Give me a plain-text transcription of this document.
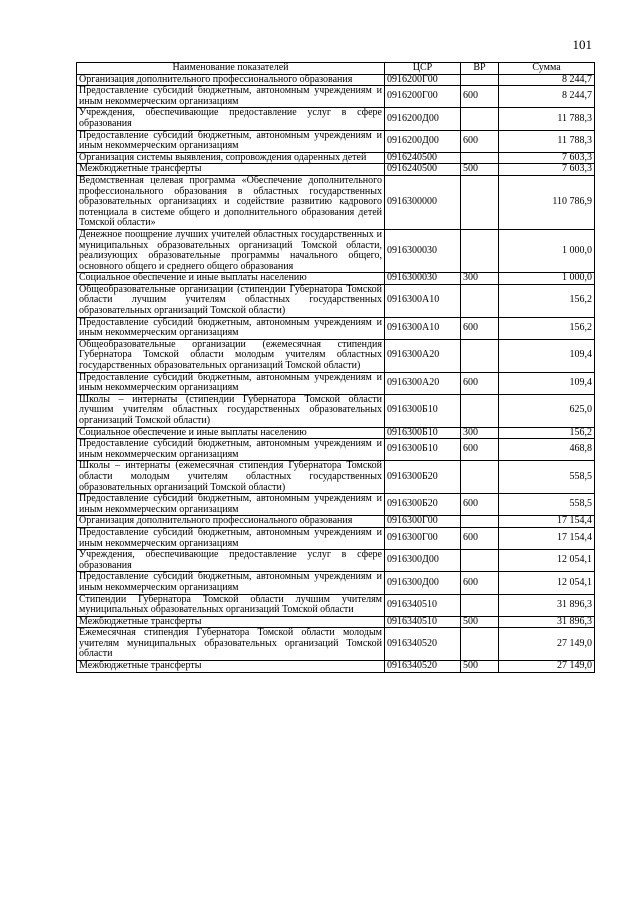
101
Наименование показателей	ЦСР	ВР	Сумма
Организация дополнительного профессионального образования	0916200Г00		8 244,7
Предоставление субсидий бюджетным, автономным учреждениям и иным некоммерческим организациям	0916200Г00	600	8 244,7
Учреждения, обеспечивающие предоставление услуг в сфере образования	0916200Д00		11 788,3
Предоставление субсидий бюджетным, автономным учреждениям и иным некоммерческим организациям	0916200Д00	600	11 788,3
Организация системы выявления, сопровождения одаренных детей	0916240500		7 603,3
Межбюджетные трансферты	0916240500	500	7 603,3
Ведомственная целевая программа «Обеспечение дополнительного профессионального образования в областных государственных образовательных организациях и содействие развитию кадрового потенциала в системе общего и дополнительного образования детей Томской области»	0916300000		110 786,9
Денежное поощрение лучших учителей областных государственных и муниципальных образовательных организаций Томской области, реализующих образовательные программы начального общего, основного общего и среднего общего образования	0916300030		1 000,0
Социальное обеспечение и иные выплаты населению	0916300030	300	1 000,0
Общеобразовательные организации (стипендии Губернатора Томской области лучшим учителям областных государственных образовательных организаций Томской области)	0916300А10		156,2
Предоставление субсидий бюджетным, автономным учреждениям и иным некоммерческим организациям	0916300А10	600	156,2
Общеобразовательные организации (ежемесячная стипендия Губернатора Томской области молодым учителям областных государственных образовательных организаций Томской области)	0916300А20		109,4
Предоставление субсидий бюджетным, автономным учреждениям и иным некоммерческим организациям	0916300А20	600	109,4
Школы – интернаты (стипендии Губернатора Томской области лучшим учителям областных государственных образовательных организаций Томской области)	0916300Б10		625,0
Социальное обеспечение и иные выплаты населению	0916300Б10	300	156,2
Предоставление субсидий бюджетным, автономным учреждениям и иным некоммерческим организациям	0916300Б10	600	468,8
Школы – интернаты (ежемесячная стипендия Губернатора Томской области молодым учителям областных государственных образовательных организаций Томской области)	0916300Б20		558,5
Предоставление субсидий бюджетным, автономным учреждениям и иным некоммерческим организациям	0916300Б20	600	558,5
Организация дополнительного профессионального образования	0916300Г00		17 154,4
Предоставление субсидий бюджетным, автономным учреждениям и иным некоммерческим организациям	0916300Г00	600	17 154,4
Учреждения, обеспечивающие предоставление услуг в сфере образования	0916300Д00		12 054,1
Предоставление субсидий бюджетным, автономным учреждениям и иным некоммерческим организациям	0916300Д00	600	12 054,1
Стипендии Губернатора Томской области лучшим учителям муниципальных образовательных организаций Томской области	0916340510		31 896,3
Межбюджетные трансферты	0916340510	500	31 896,3
Ежемесячная стипендия Губернатора Томской области молодым учителям муниципальных образовательных организаций Томской области	0916340520		27 149,0
Межбюджетные трансферты	0916340520	500	27 149,0
